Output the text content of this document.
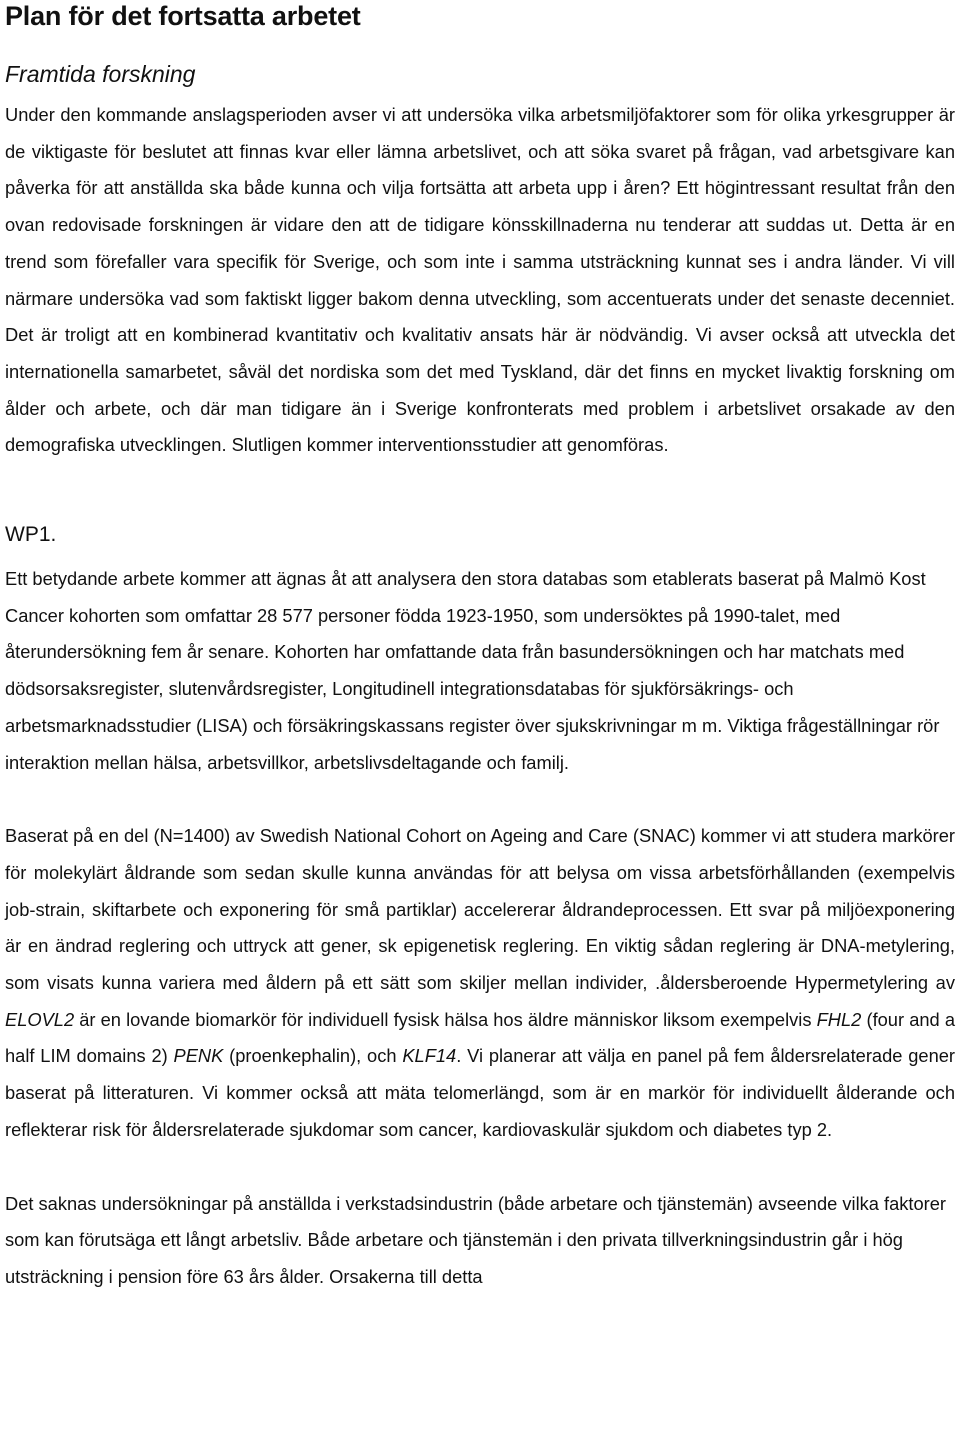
Plan för det fortsatta arbetet
Framtida forskning

Under den kommande anslagsperioden avser vi att undersöka vilka arbetsmiljöfaktorer som för olika yrkesgrupper är de viktigaste för beslutet att finnas kvar eller lämna arbetslivet, och att söka svaret på frågan, vad arbetsgivare kan påverka för att anställda ska både kunna och vilja fortsätta att arbeta upp i åren? Ett högintressant resultat från den ovan redovisade forskningen är vidare den att de tidigare könsskillnaderna nu tenderar att suddas ut. Detta är en trend som förefaller vara specifik för Sverige, och som inte i samma utsträckning kunnat ses i andra länder. Vi vill närmare undersöka vad som faktiskt ligger bakom denna utveckling, som accentuerats under det senaste decenniet. Det är troligt att en kombinerad kvantitativ och kvalitativ ansats här är nödvändig. Vi avser också att utveckla det internationella samarbetet, såväl det nordiska som det med Tyskland, där det finns en mycket livaktig forskning om ålder och arbete, och där man tidigare än i Sverige konfronterats med problem i arbetslivet orsakade av den demografiska utvecklingen. Slutligen kommer interventionsstudier att genomföras.

WP1.

Ett betydande arbete kommer att ägnas åt att analysera den stora databas som etablerats baserat på Malmö Kost Cancer kohorten som omfattar 28 577 personer födda 1923-1950, som undersöktes på 1990-talet, med återundersökning fem år senare. Kohorten har omfattande data från basundersökningen och har matchats med dödsorsaksregister, slutenvårdsregister, Longitudinell integrationsdatabas för sjukförsäkrings- och arbetsmarknadsstudier (LISA) och försäkringskassans register över sjukskrivningar m m. Viktiga frågeställningar rör interaktion mellan hälsa, arbetsvillkor, arbetslivsdeltagande och familj.

Baserat på en del (N=1400) av Swedish National Cohort on Ageing and Care (SNAC) kommer vi att studera markörer för molekylärt åldrande som sedan skulle kunna användas för att belysa om vissa arbetsförhållanden (exempelvis job-strain, skiftarbete och exponering för små partiklar) accelererar åldrandeprocessen. Ett svar på miljöexponering är en ändrad reglering och uttryck att gener, sk epigenetisk reglering. En viktig sådan reglering är DNA-metylering, som visats kunna variera med åldern på ett sätt som skiljer mellan individer, .åldersberoende Hypermetylering av ELOVL2 är en lovande biomarkör för individuell fysisk hälsa hos äldre människor liksom exempelvis FHL2 (four and a half LIM domains 2) PENK (proenkephalin), och KLF14. Vi planerar att välja en panel på fem åldersrelaterade gener baserat på litteraturen. Vi kommer också att mäta telomerlängd, som är en markör för individuellt ålderande och reflekterar risk för åldersrelaterade sjukdomar som cancer, kardiovaskulär sjukdom och diabetes typ 2.

Det saknas undersökningar på anställda i verkstadsindustrin (både arbetare och tjänstemän) avseende vilka faktorer som kan förutsäga ett långt arbetsliv. Både arbetare och tjänstemän i den privata tillverkningsindustrin går i hög utsträckning i pension före 63 års ålder. Orsakerna till detta
